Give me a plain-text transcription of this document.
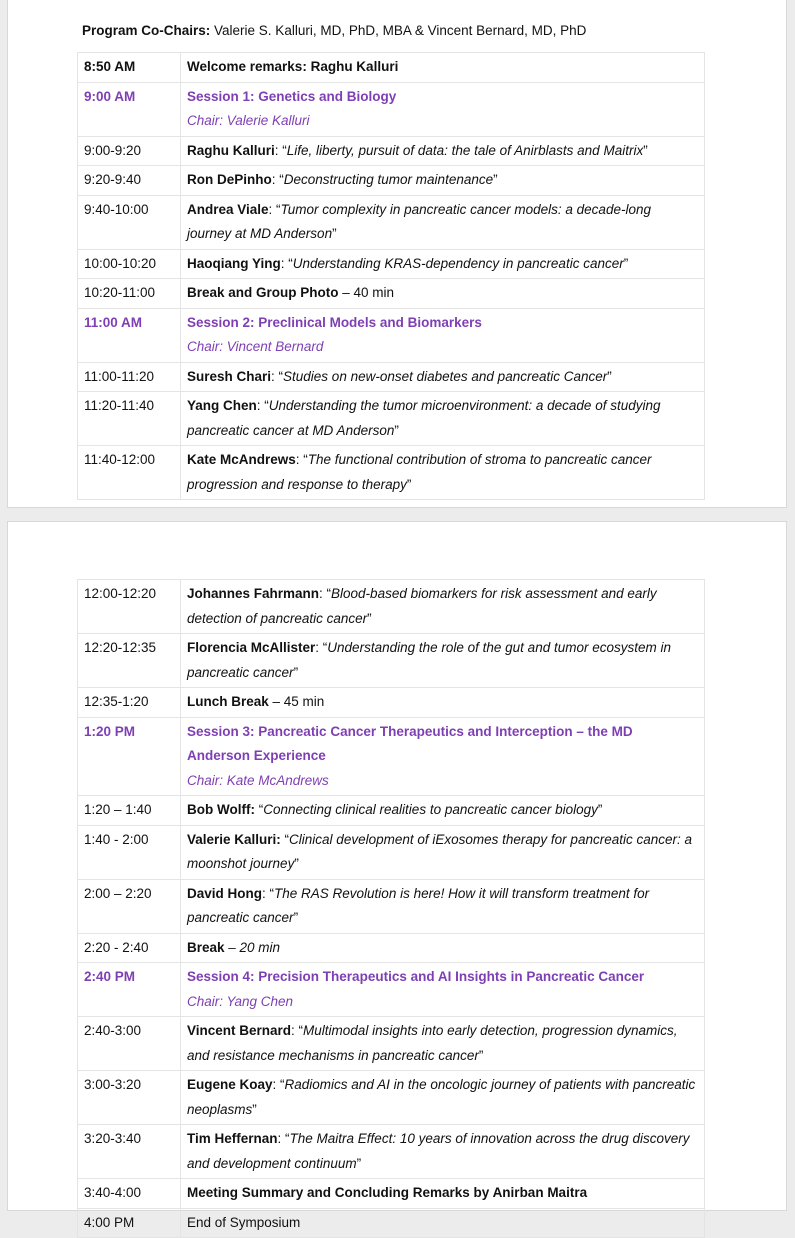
Program Co-Chairs: Valerie S. Kalluri, MD, PhD, MBA & Vincent Bernard, MD, PhD
8:50 AM	Welcome remarks: Raghu Kalluri
9:00 AM	Session 1: Genetics and Biology
Chair: Valerie Kalluri

9:00-9:20	Raghu Kalluri: “Life, liberty, pursuit of data: the tale of Anirblasts and Maitrix”
9:20-9:40	Ron DePinho: “Deconstructing tumor maintenance”
9:40-10:00	Andrea Viale: “Tumor complexity in pancreatic cancer models: a decade-long journey at MD Anderson”
10:00-10:20	Haoqiang Ying: “Understanding KRAS-dependency in pancreatic cancer”
10:20-11:00	Break and Group Photo – 40 min
11:00 AM	Session 2: Preclinical Models and Biomarkers
Chair: Vincent Bernard

11:00-11:20	Suresh Chari: “Studies on new-onset diabetes and pancreatic Cancer”
11:20-11:40	Yang Chen: “Understanding the tumor microenvironment: a decade of studying pancreatic cancer at MD Anderson”
11:40-12:00	Kate McAndrews: “The functional contribution of stroma to pancreatic cancer progression and response to therapy”
12:00-12:20	Johannes Fahrmann: “Blood-based biomarkers for risk assessment and early detection of pancreatic cancer”
12:20-12:35	Florencia McAllister: “Understanding the role of the gut and tumor ecosystem in pancreatic cancer”
12:35-1:20	Lunch Break – 45 min
1:20 PM	Session 3: Pancreatic Cancer Therapeutics and Interception – the MD Anderson Experience
Chair: Kate McAndrews

1:20 – 1:40	Bob Wolff: “Connecting clinical realities to pancreatic cancer biology”
1:40 - 2:00	Valerie Kalluri: “Clinical development of iExosomes therapy for pancreatic cancer: a moonshot journey”
2:00 – 2:20	David Hong: “The RAS Revolution is here! How it will transform treatment for pancreatic cancer”
2:20 - 2:40	Break – 20 min
2:40 PM	Session 4: Precision Therapeutics and AI Insights in Pancreatic Cancer
Chair: Yang Chen

2:40-3:00	Vincent Bernard: “Multimodal insights into early detection, progression dynamics, and resistance mechanisms in pancreatic cancer”
3:00-3:20	Eugene Koay: “Radiomics and AI in the oncologic journey of patients with pancreatic neoplasms”
3:20-3:40	Tim Heffernan: “The Maitra Effect: 10 years of innovation across the drug discovery and development continuum”
3:40-4:00	Meeting Summary and Concluding Remarks by Anirban Maitra
4:00 PM	End of Symposium
